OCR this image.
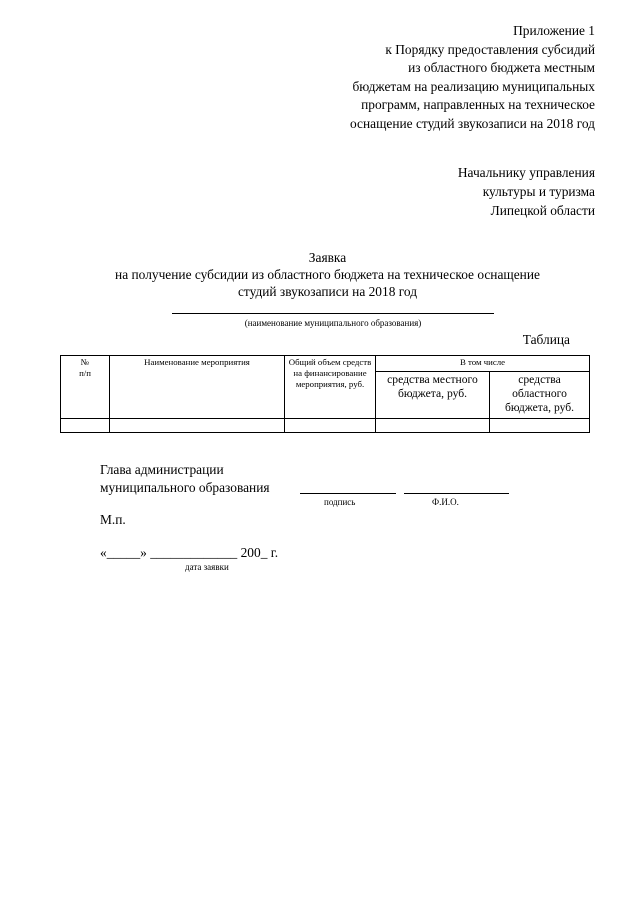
Приложение 1
к Порядку предоставления субсидий
из областного бюджета местным
бюджетам на реализацию муниципальных
программ, направленных на техническое
оснащение студий звукозаписи на 2018 год
Начальнику управления
культуры и туризма
Липецкой области
Заявка
на получение субсидии из областного бюджета на техническое оснащение
студий звукозаписи на 2018 год
(наименование муниципального образования)
Таблица
№
п/п	Наименование мероприятия	Общий объем средств на финансирование мероприятия, руб.	В том числе	
			средства местного бюджета, руб.	средства областного бюджета, руб.

Глава администрации
муниципального образования
подпись	Ф.И.О.
М.п.
«_____» _____________ 200_ г.
дата заявки
